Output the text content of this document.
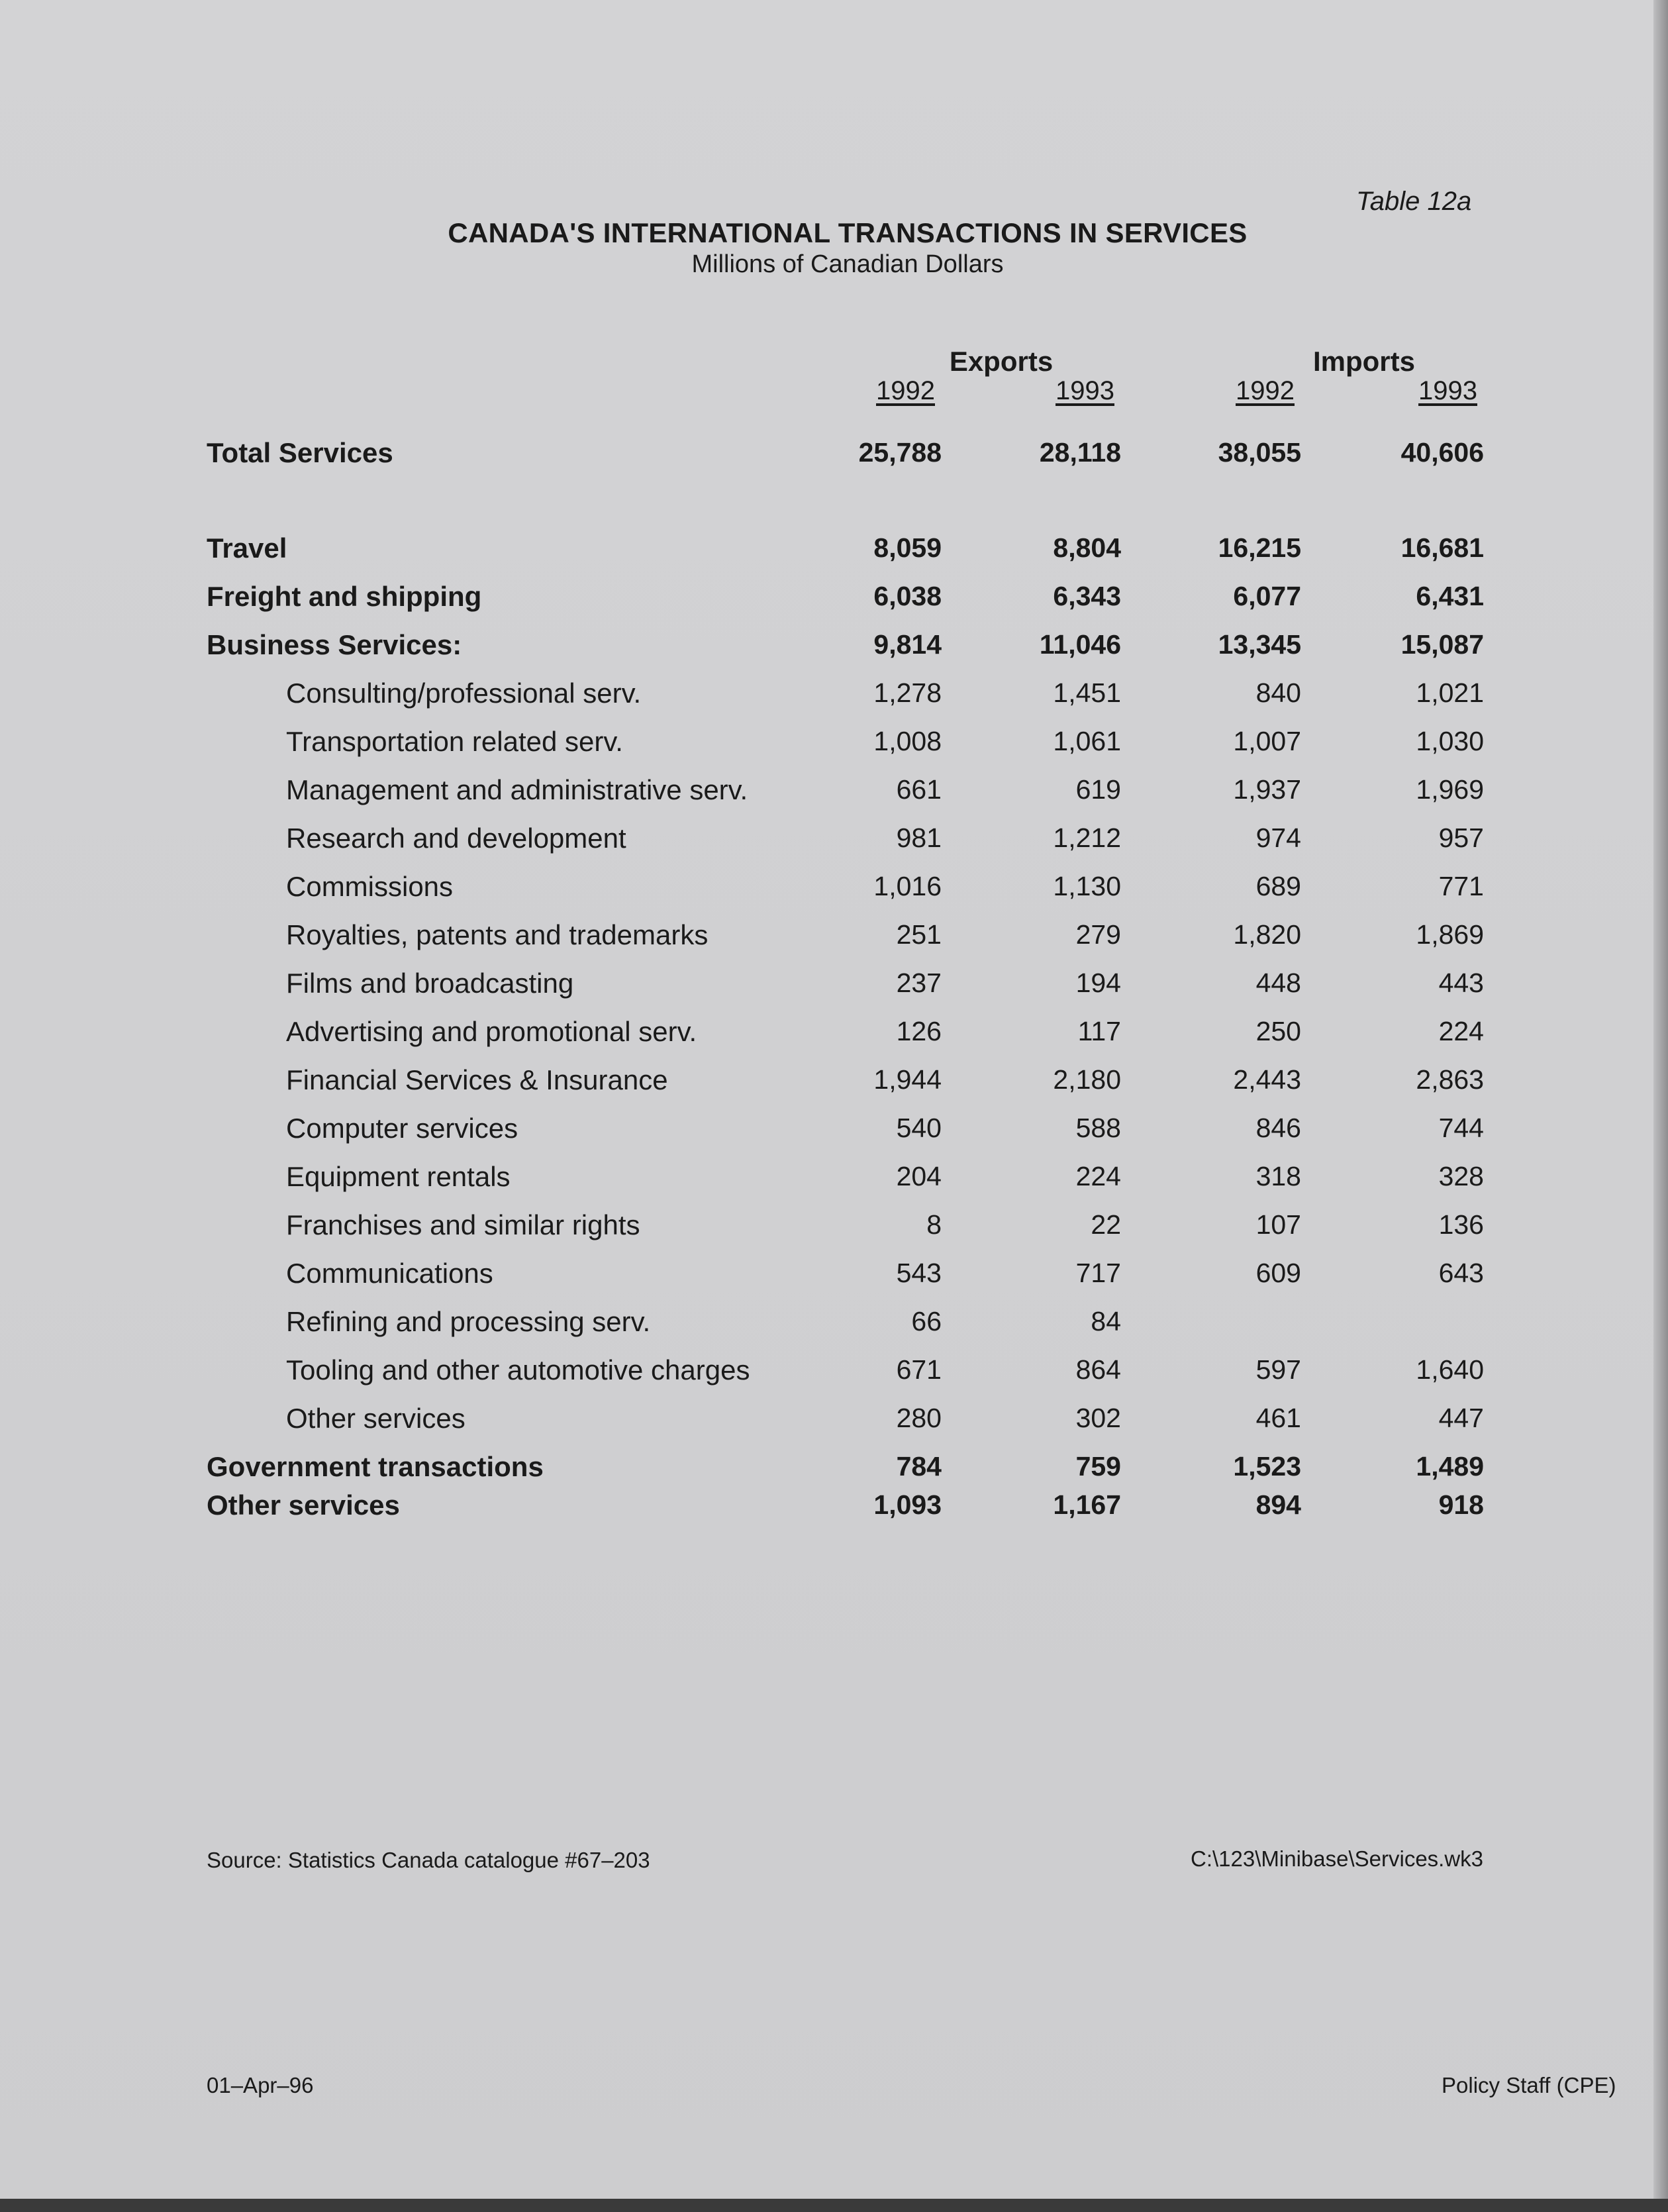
Table 12a
CANADA'S INTERNATIONAL TRANSACTIONS IN SERVICES
Millions of Canadian Dollars
Exports	Imports
1992	1993	1992	1993
Total Services	25,788	28,118	38,055	40,606
Travel	8,059	8,804	16,215	16,681
Freight and shipping	6,038	6,343	6,077	6,431
Business Services:	9,814	11,046	13,345	15,087
Consulting/professional serv.	1,278	1,451	840	1,021
Transportation related serv.	1,008	1,061	1,007	1,030
Management and administrative serv.	661	619	1,937	1,969
Research and development	981	1,212	974	957
Commissions	1,016	1,130	689	771
Royalties, patents and trademarks	251	279	1,820	1,869
Films and broadcasting	237	194	448	443
Advertising and promotional serv.	126	117	250	224
Financial Services & Insurance	1,944	2,180	2,443	2,863
Computer services	540	588	846	744
Equipment rentals	204	224	318	328
Franchises and similar rights	8	22	107	136
Communications	543	717	609	643
Refining and processing serv.	66	84
Tooling and other automotive charges	671	864	597	1,640
Other services	280	302	461	447
Government transactions	784	759	1,523	1,489
Other services	1,093	1,167	894	918
Source: Statistics Canada catalogue #67–203	C:\123\Minibase\Services.wk3
01–Apr–96	Policy Staff (CPE)
